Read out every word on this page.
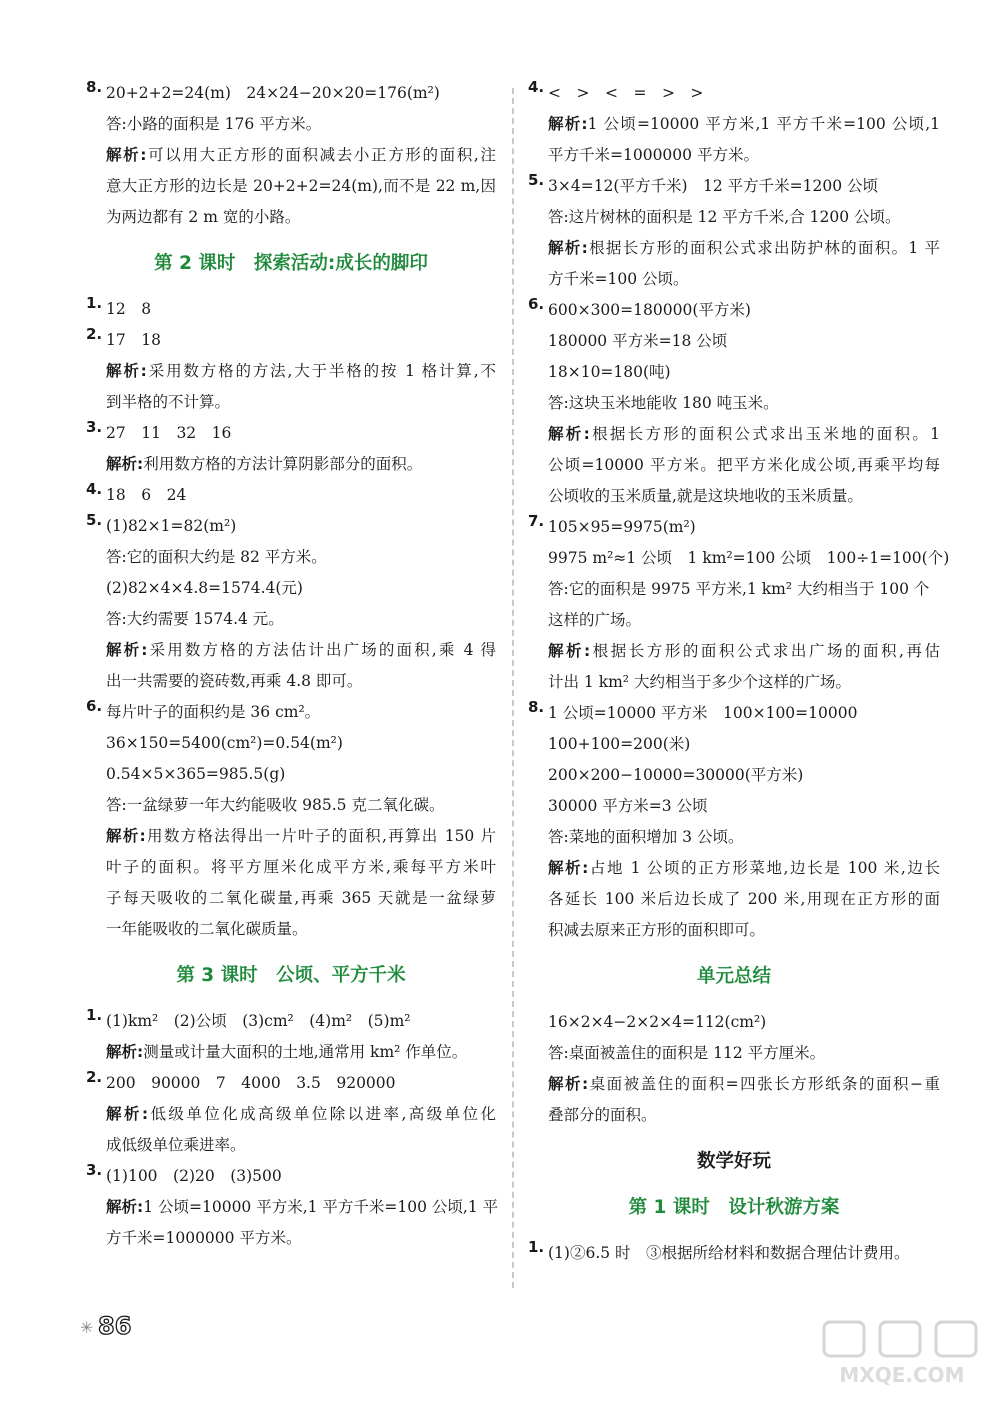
8. 20+2+2=24(m)　24×24−20×20=176(m²)
答:小路的面积是 176 平方米。
解析:可以用大正方形的面积减去小正方形的面积,注
意大正方形的边长是 20+2+2=24(m),而不是 22 m,因
为两边都有 2 m 宽的小路。
第 2 课时　探索活动:成长的脚印
1. 12　8
2. 17　18
解析:采用数方格的方法,大于半格的按 1 格计算,不
到半格的不计算。
3. 27　11　32　16
解析:利用数方格的方法计算阴影部分的面积。
4. 18　6　24
5. (1)82×1=82(m²)
答:它的面积大约是 82 平方米。
(2)82×4×4.8=1574.4(元)
答:大约需要 1574.4 元。
解析:采用数方格的方法估计出广场的面积,乘 4 得
出一共需要的瓷砖数,再乘 4.8 即可。
6. 每片叶子的面积约是 36 cm²。
36×150=5400(cm²)=0.54(m²)
0.54×5×365=985.5(g)
答:一盆绿萝一年大约能吸收 985.5 克二氧化碳。
解析:用数方格法得出一片叶子的面积,再算出 150 片
叶子的面积。将平方厘米化成平方米,乘每平方米叶
子每天吸收的二氧化碳量,再乘 365 天就是一盆绿萝
一年能吸收的二氧化碳质量。
第 3 课时　公顷、平方千米
1. (1)km²　(2)公顷　(3)cm²　(4)m²　(5)m²
解析:测量或计量大面积的土地,通常用 km² 作单位。
2. 200　90000　7　4000　3.5　920000
解析:低级单位化成高级单位除以进率,高级单位化
成低级单位乘进率。
3. (1)100　(2)20　(3)500
解析:1 公顷=10000 平方米,1 平方千米=100 公顷,1 平
方千米=1000000 平方米。
4. <　>　<　=　>　>
解析:1 公顷=10000 平方米,1 平方千米=100 公顷,1
平方千米=1000000 平方米。
5. 3×4=12(平方千米)　12 平方千米=1200 公顷
答:这片树林的面积是 12 平方千米,合 1200 公顷。
解析:根据长方形的面积公式求出防护林的面积。1 平
方千米=100 公顷。
6. 600×300=180000(平方米)
180000 平方米=18 公顷
18×10=180(吨)
答:这块玉米地能收 180 吨玉米。
解析:根据长方形的面积公式求出玉米地的面积。1
公顷=10000 平方米。把平方米化成公顷,再乘平均每
公顷收的玉米质量,就是这块地收的玉米质量。
7. 105×95=9975(m²)
9975 m²≈1 公顷　1 km²=100 公顷　100÷1=100(个)
答:它的面积是 9975 平方米,1 km² 大约相当于 100 个
这样的广场。
解析:根据长方形的面积公式求出广场的面积,再估
计出 1 km² 大约相当于多少个这样的广场。
8. 1 公顷=10000 平方米　100×100=10000
100+100=200(米)
200×200−10000=30000(平方米)
30000 平方米=3 公顷
答:菜地的面积增加 3 公顷。
解析:占地 1 公顷的正方形菜地,边长是 100 米,边长
各延长 100 米后边长成了 200 米,用现在正方形的面
积减去原来正方形的面积即可。
单元总结
16×2×4−2×2×4=112(cm²)
答:桌面被盖住的面积是 112 平方厘米。
解析:桌面被盖住的面积=四张长方形纸条的面积−重
叠部分的面积。
数学好玩
第 1 课时　设计秋游方案
1. (1)②6.5 时　③根据所给材料和数据合理估计费用。
✳ 86
MXQE.COM
